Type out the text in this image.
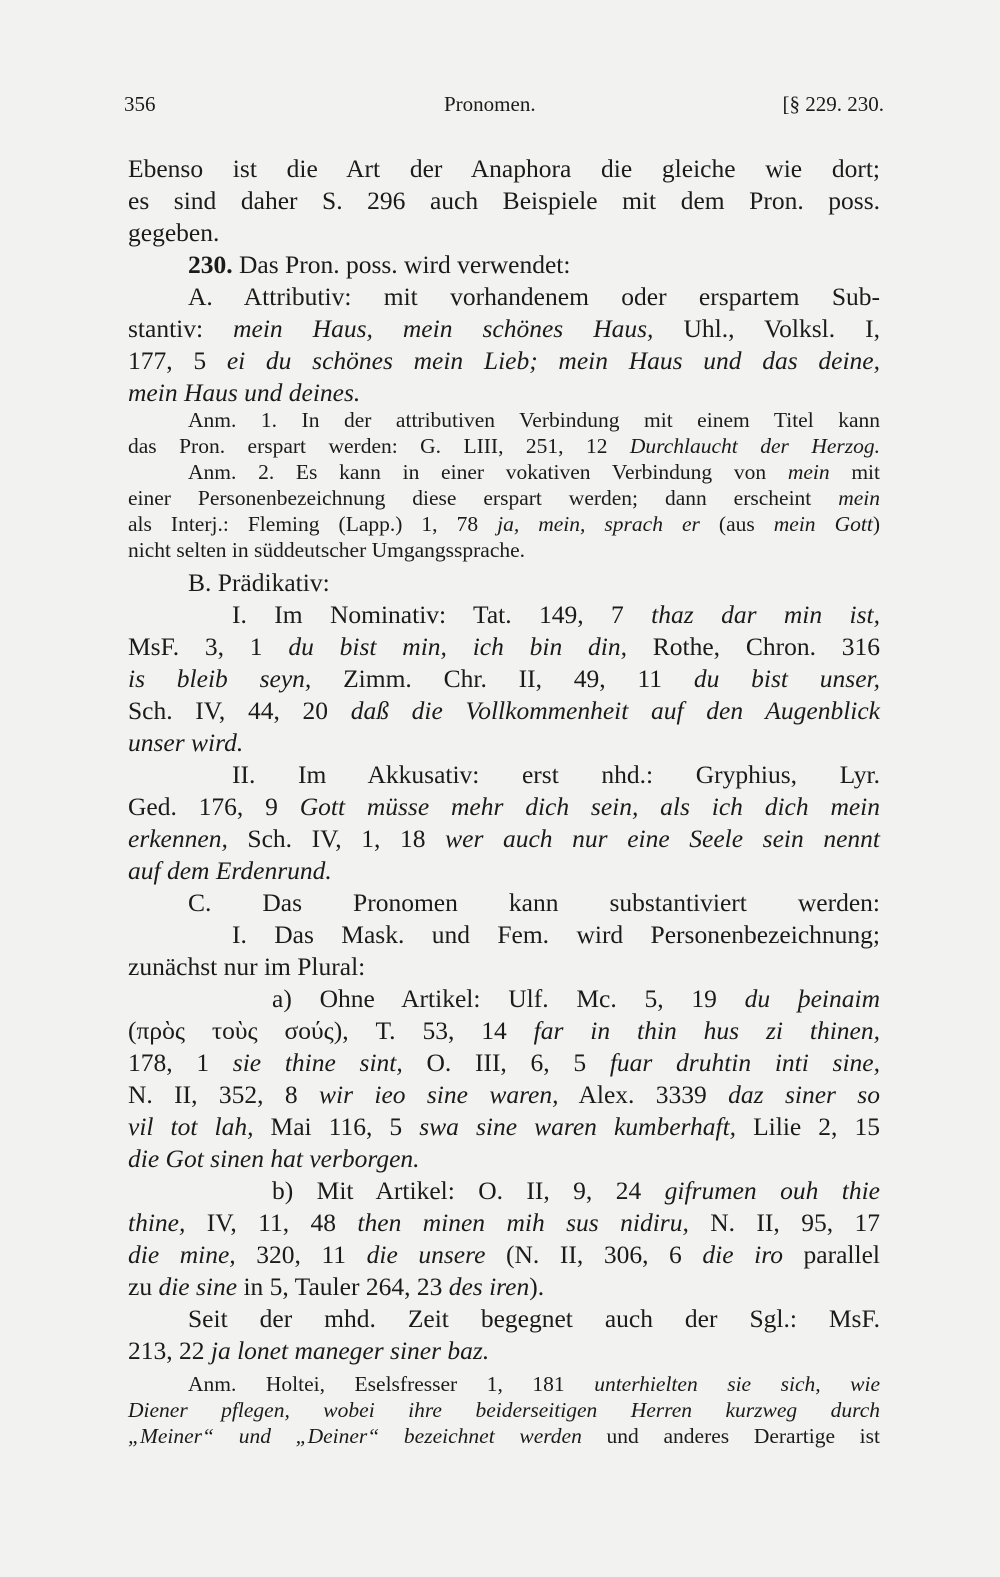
356	Pronomen.	[§ 229. 230.
Ebenso ist die Art der Anaphora die gleiche wie dort;
es sind daher S. 296 auch Beispiele mit dem Pron. poss.
gegeben.
230. Das Pron. poss. wird verwendet:
A. Attributiv: mit vorhandenem oder erspartem Sub-
stantiv: mein Haus, mein schönes Haus, Uhl., Volksl. I,
177, 5 ei du schönes mein Lieb; mein Haus und das deine,
mein Haus und deines.
Anm. 1. In der attributiven Verbindung mit einem Titel kann
das Pron. erspart werden: G. LIII, 251, 12 Durchlaucht der Herzog.
Anm. 2. Es kann in einer vokativen Verbindung von mein mit
einer Personenbezeichnung diese erspart werden; dann erscheint mein
als Interj.: Fleming (Lapp.) 1, 78 ja, mein, sprach er (aus mein Gott)
nicht selten in süddeutscher Umgangssprache.
B. Prädikativ:
I. Im Nominativ: Tat. 149, 7 thaz dar min ist,
MsF. 3, 1 du bist min, ich bin din, Rothe, Chron. 316
is bleib seyn, Zimm. Chr. II, 49, 11 du bist unser,
Sch. IV, 44, 20 daß die Vollkommenheit auf den Augenblick
unser wird.
II. Im Akkusativ: erst nhd.: Gryphius, Lyr.
Ged. 176, 9 Gott müsse mehr dich sein, als ich dich mein
erkennen, Sch. IV, 1, 18 wer auch nur eine Seele sein nennt
auf dem Erdenrund.
C. Das Pronomen kann substantiviert werden:
I. Das Mask. und Fem. wird Personenbezeichnung;
zunächst nur im Plural:
a) Ohne Artikel: Ulf. Mc. 5, 19 du þeinaim
(πρὸς τοὺς σούς), T. 53, 14 far in thin hus zi thinen,
178, 1 sie thine sint, O. III, 6, 5 fuar druhtin inti sine,
N. II, 352, 8 wir ieo sine waren, Alex. 3339 daz siner so
vil tot lah, Mai 116, 5 swa sine waren kumberhaft, Lilie 2, 15
die Got sinen hat verborgen.
b) Mit Artikel: O. II, 9, 24 gifrumen ouh thie
thine, IV, 11, 48 then minen mih sus nidiru, N. II, 95, 17
die mine, 320, 11 die unsere (N. II, 306, 6 die iro parallel
zu die sine in 5, Tauler 264, 23 des iren).
Seit der mhd. Zeit begegnet auch der Sgl.: MsF.
213, 22 ja lonet maneger siner baz.
Anm. Holtei, Eselsfresser 1, 181 unterhielten sie sich, wie
Diener pflegen, wobei ihre beiderseitigen Herren kurzweg durch
„Meiner“ und „Deiner“ bezeichnet werden und anderes Derartige ist
